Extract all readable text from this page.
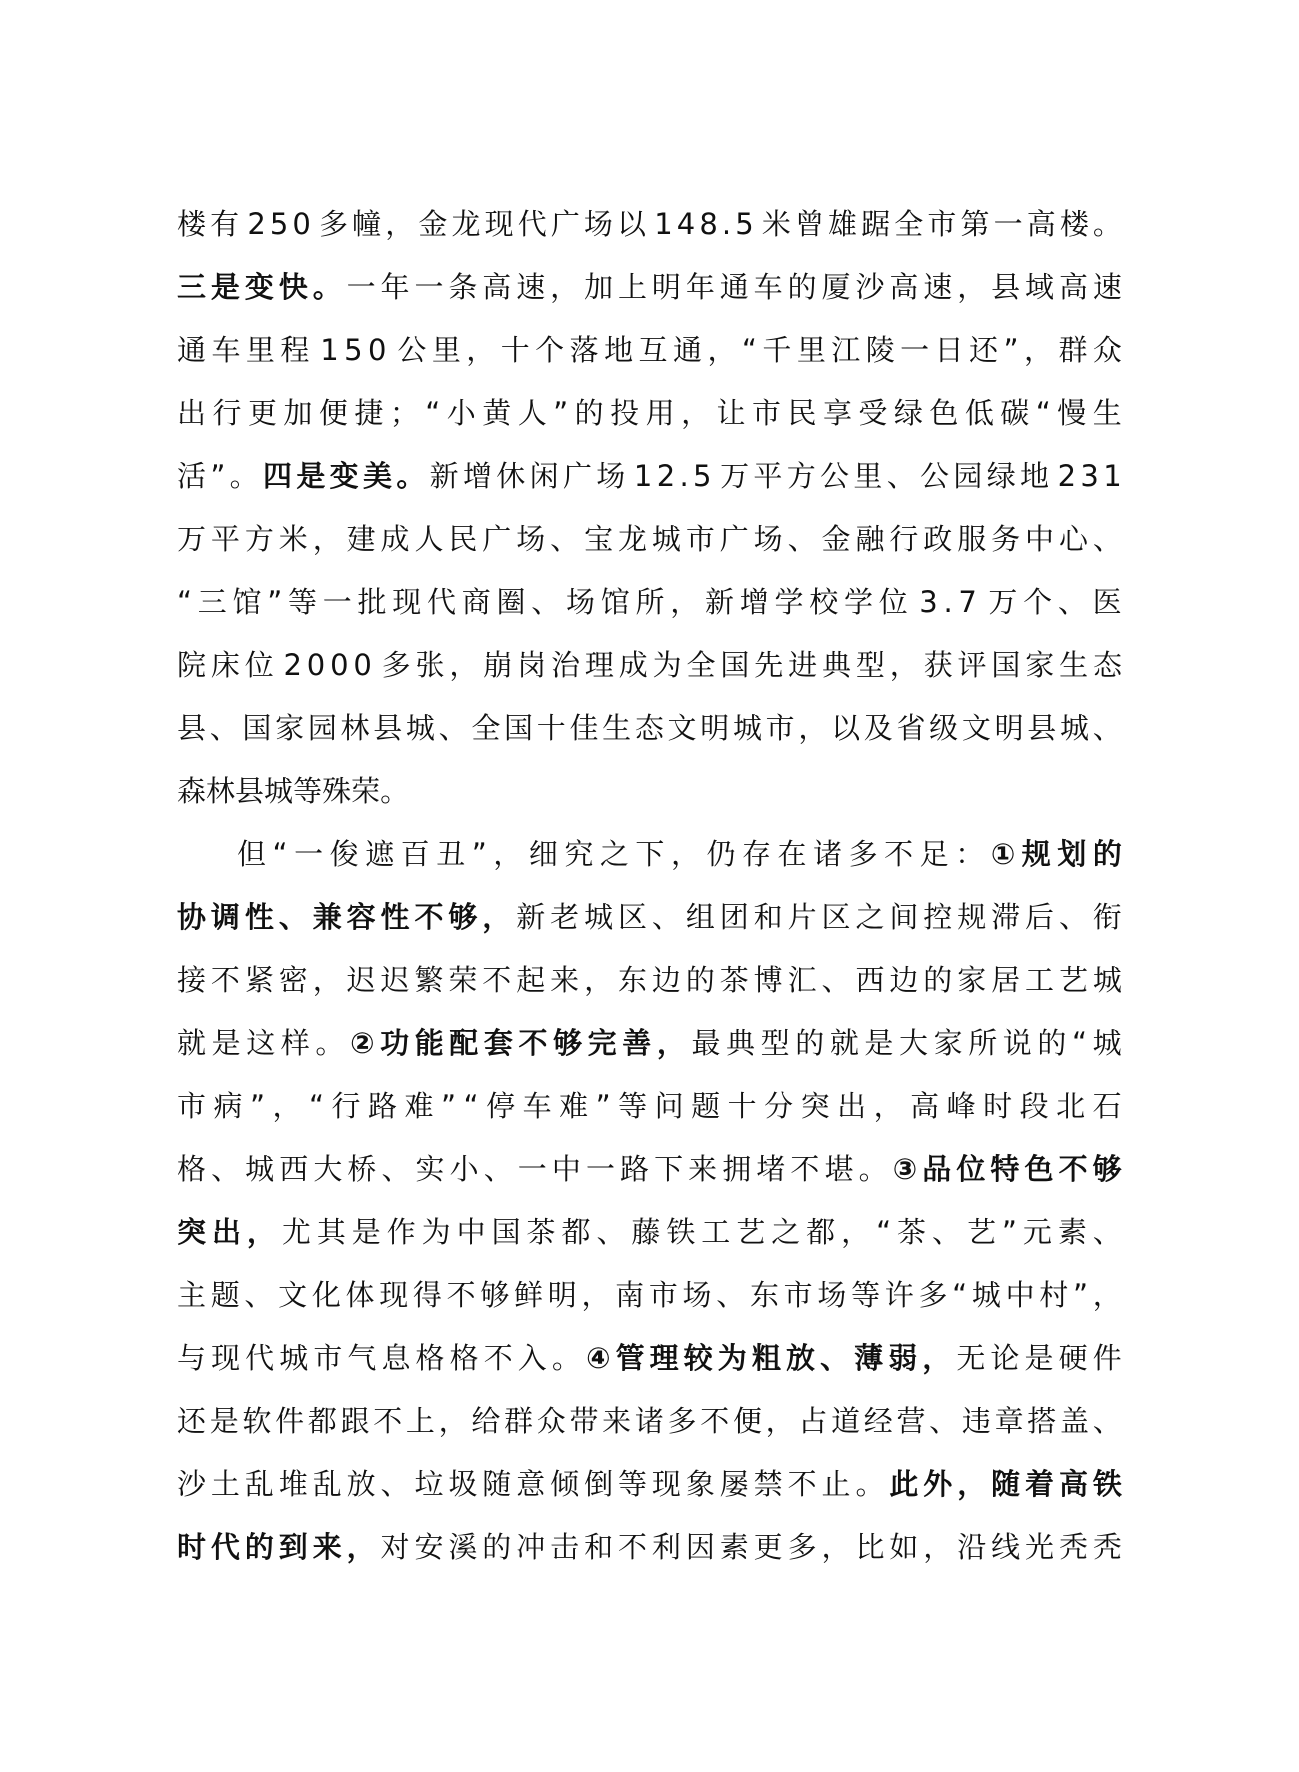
楼 有 2 5 0 多 幢 ， 金 龙 现 代 广 场 以 1 4 8 . 5 米 曾 雄 踞 全 市 第 一 高 楼 。
三 是 变 快 。 一 年 一 条 高 速 ， 加 上 明 年 通 车 的 厦 沙 高 速 ， 县 域 高 速
通 车 里 程 1 5 0 公 里 ， 十 个 落 地 互 通 ， “ 千 里 江 陵 一 日 还 ” ， 群 众
出 行 更 加 便 捷 ； “ 小 黄 人 ” 的 投 用 ， 让 市 民 享 受 绿 色 低 碳 “ 慢 生
活 ” 。 四 是 变 美 。 新 增 休 闲 广 场 1 2 . 5 万 平 方 公 里 、 公 园 绿 地 2 3 1
万 平 方 米 ， 建 成 人 民 广 场 、 宝 龙 城 市 广 场 、 金 融 行 政 服 务 中 心 、
“ 三 馆 ” 等 一 批 现 代 商 圈 、 场 馆 所 ， 新 增 学 校 学 位 3 . 7 万 个 、 医
院 床 位 2 0 0 0 多 张 ， 崩 岗 治 理 成 为 全 国 先 进 典 型 ， 获 评 国 家 生 态
县 、 国 家 园 林 县 城 、 全 国 十 佳 生 态 文 明 城 市 ， 以 及 省 级 文 明 县 城 、
森 林 县 城 等 殊 荣 。
但 “ 一 俊 遮 百 丑 ” ， 细 究 之 下 ， 仍 存 在 诸 多 不 足 ： ① 规 划 的
协 调 性 、 兼 容 性 不 够 ， 新 老 城 区 、 组 团 和 片 区 之 间 控 规 滞 后 、 衔
接 不 紧 密 ， 迟 迟 繁 荣 不 起 来 ， 东 边 的 茶 博 汇 、 西 边 的 家 居 工 艺 城
就 是 这 样 。 ② 功 能 配 套 不 够 完 善 ， 最 典 型 的 就 是 大 家 所 说 的 “ 城
市 病 ” ， “ 行 路 难 ” “ 停 车 难 ” 等 问 题 十 分 突 出 ， 高 峰 时 段 北 石
格 、 城 西 大 桥 、 实 小 、 一 中 一 路 下 来 拥 堵 不 堪 。 ③ 品 位 特 色 不 够
突 出 ， 尤 其 是 作 为 中 国 茶 都 、 藤 铁 工 艺 之 都 ， “ 茶 、 艺 ” 元 素 、
主 题 、 文 化 体 现 得 不 够 鲜 明 ， 南 市 场 、 东 市 场 等 许 多 “ 城 中 村 ” ，
与 现 代 城 市 气 息 格 格 不 入 。 ④ 管 理 较 为 粗 放 、 薄 弱 ， 无 论 是 硬 件
还 是 软 件 都 跟 不 上 ， 给 群 众 带 来 诸 多 不 便 ， 占 道 经 营 、 违 章 搭 盖 、
沙 土 乱 堆 乱 放 、 垃 圾 随 意 倾 倒 等 现 象 屡 禁 不 止 。 此 外 ， 随 着 高 铁
时 代 的 到 来 ， 对 安 溪 的 冲 击 和 不 利 因 素 更 多 ， 比 如 ， 沿 线 光 秃 秃
